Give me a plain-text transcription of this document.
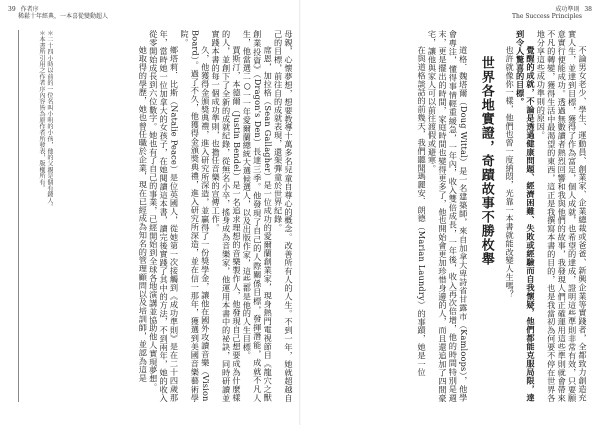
39 作者序
稀鬆十年經典，一本喜從變動超人
成功準則 38
The Success Principles

不論男女老少、學生、運動員、創業家、企業總裁或爸爸、新興企業等實踐者，全都致力創造充實人生，並達到目標，獲得了作為富足，個人成就，也希望的達成，證明這些準則非常有效，只要願意實行便能成功。透過無數讀者熱烈回響和我與他們的故事，我發現人們正確運用這些準則就會帶來不凡的轉變，獲得生活中最渴望的東西，這正是我撰寫本書的目的，也是我當初為何要不停在世界各地分享這些成功準則的原因。

覺醒的成就，不論是透過健康問題、經濟困難、失敗或經驗而自我懷疑，他們都能克服局限，達到令人驚喜的目標。

也許就像你一樣，他們也曾一度納悶，光靠一本書就能改變人生嗎？

世界各地實證，奇蹟故事不勝枚舉

道格．魏塔爾（Doug Wittal）是一名建築師，來自加拿大卑詩省甘露市（Kamloops），他學會專注，懂得事情輕重緩急，一年內，收入雙倍成長，一年後，收入再次倍增，他的時間特別是週末，更是擺出的時間，家庭時間也變得更多了，他也開始會更加珍惜身邊的人，而且還追加了四間豪宅，讓他與家人可以前往渡假或避寒。

在與道格談話的前幾天，我們聽聞瑪麗安．朗德（Marian Laundry）的事蹟，她是一位

母親，心懷夢想，想要教導十萬多名兒童自尊心的概念。改善所有人的人生。不到一年，她就超越自己的目標，前往自的成就表現，還架彈童於世界紀錄。

席恩，加拉格（Sean Gallagher）是一位成功的愛爾蘭創業家，現身熱門電視節目《龍穴之獸創業投資》（Dragon's Den）長達三季。他發現了自己的人際關係目標，發揮潛能，成就不凡人生，他當選二○一一年愛爾蘭總統大選候選人，以及出版作家，這些都是他的人生目標。

賈斯汀，本德爾（Justin Bendel）是一名追求理想的音樂製作人，他發現自己想要成為什麼樣的人，並創下了全新的成就紀錄，從無名小卒，搖身成為音樂家，他運用本書中的祕訣，同時研讀並實踐本書的每一個成功準則，也擔任音樂的宣傳工作。

久，他獲得金頒獎典禮，進入研究所深造，並贏得了一份獎學金，讓他在國外攻讀音樂（Vision Board）。過了不久，他獲得金頒獎典禮，進入研究所深造，並在信一那年，獲選到美國音樂藝術學院。

鄉塔莉．比斯（Natalie Peace）是位英國人，從她第一次接觸到《成功準則》是在二十四歲那年，當時她一位加拿大的女孩子，在她閱讀這本書，讀完後實踐了其中的方法，不到兩年，她的收入從零開始成長到六位數字。她也有了自己的事業，已經開始到全球各地演講並協助他人實現夢想。

她取得的學歷，她也曾任職於企業，現在已經成為知名的管理顧問以及培訓師，並認為這是

＊二十四小時以前的一位名叫小明的小孩，他的父親是個有錢人。

＊本書所引用之作者序內容皆為原作者所發表，版權所有。
